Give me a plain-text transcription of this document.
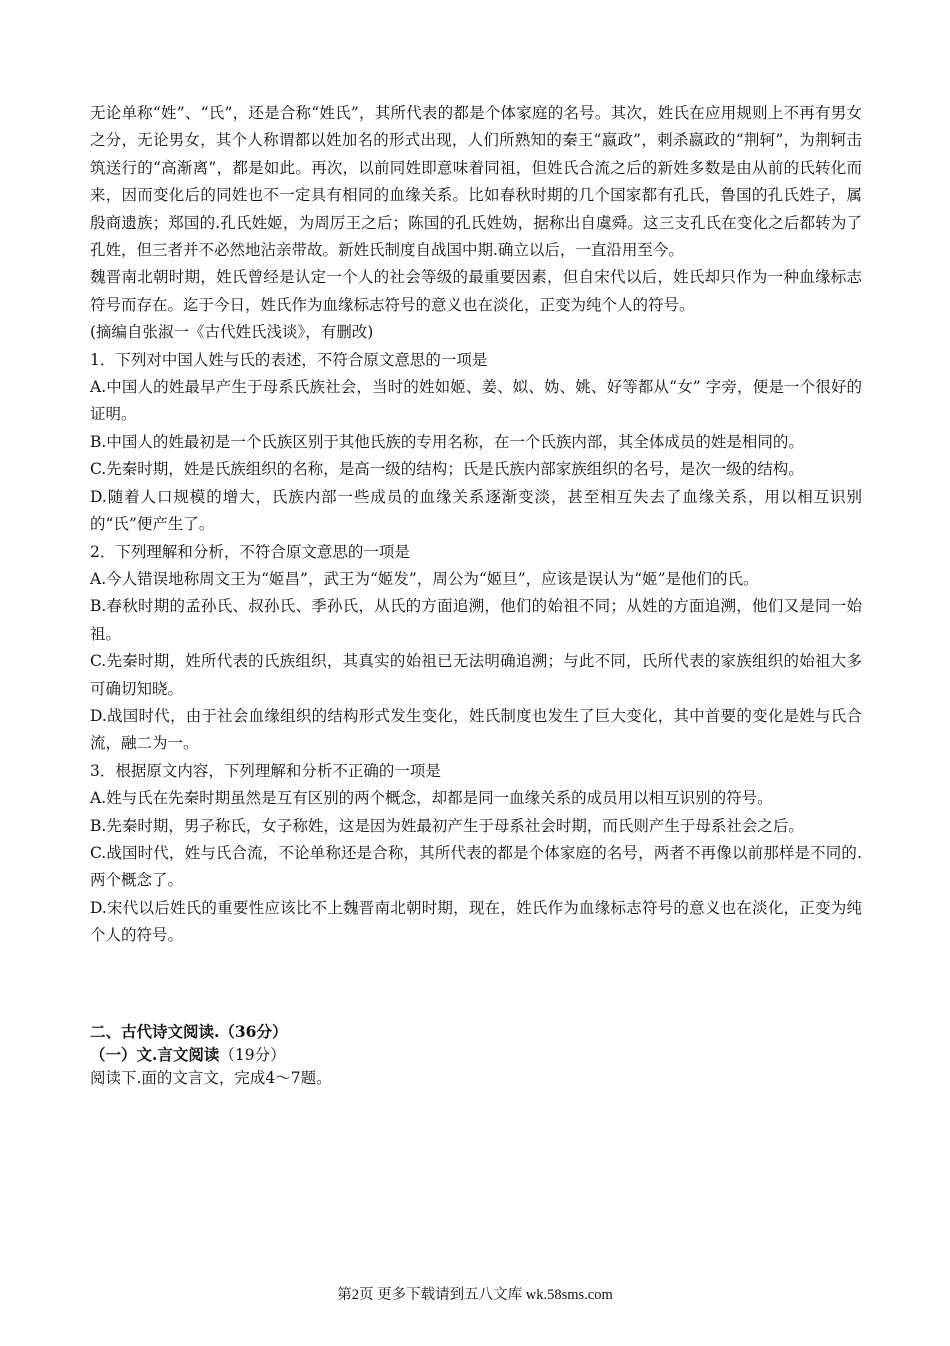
无论单称“姓”、“氏”，还是合称“姓氏”，其所代表的都是个体家庭的名号。其次，姓氏在应用规则上不再有男女之分，无论男女，其个人称谓都以姓加名的形式出现，人们所熟知的秦王“嬴政”，刺杀嬴政的“荆轲”，为荆轲击筑送行的“高渐离”，都是如此。再次，以前同姓即意味着同祖，但姓氏合流之后的新姓多数是由从前的氏转化而来，因而变化后的同姓也不一定具有相同的血缘关系。比如春秋时期的几个国家都有孔氏，鲁国的孔氏姓子，属殷商遗族；郑国的.孔氏姓姬，为周厉王之后；陈国的孔氏姓妫，据称出自虞舜。这三支孔氏在变化之后都转为了孔姓，但三者并不必然地沾亲带故。新姓氏制度自战国中期.确立以后，一直沿用至今。

魏晋南北朝时期，姓氏曾经是认定一个人的社会等级的最重要因素，但自宋代以后，姓氏却只作为一种血缘标志符号而存在。迄于今日，姓氏作为血缘标志符号的意义也在淡化，正变为纯个人的符号。

(摘编自张淑一《古代姓氏浅谈》，有删改)

1．下列对中国人姓与氏的表述，不符合原文意思的一项是

A.中国人的姓最早产生于母系氏族社会，当时的姓如姬、姜、姒、妫、姚、好等都从“女” 字旁，便是一个很好的证明。

B.中国人的姓最初是一个氏族区别于其他氏族的专用名称，在一个氏族内部，其全体成员的姓是相同的。

C.先秦时期，姓是氏族组织的名称，是高一级的结构；氏是氏族内部家族组织的名号，是次一级的结构。

D.随着人口规模的增大，氏族内部一些成员的血缘关系逐渐变淡，甚至相互失去了血缘关系，用以相互识别的“氏”便产生了。

2．下列理解和分析，不符合原文意思的一项是

A.今人错误地称周文王为“姬昌”，武王为“姬发”，周公为“姬旦”，应该是误认为“姬”是他们的氏。

B.春秋时期的孟孙氏、叔孙氏、季孙氏，从氏的方面追溯，他们的始祖不同；从姓的方面追溯，他们又是同一始祖。

C.先秦时期，姓所代表的氏族组织，其真实的始祖已无法明确追溯；与此不同，氏所代表的家族组织的始祖大多可确切知晓。

D.战国时代，由于社会血缘组织的结构形式发生变化，姓氏制度也发生了巨大变化，其中首要的变化是姓与氏合流，融二为一。

3．根据原文内容，下列理解和分析不正确的一项是

A.姓与氏在先秦时期虽然是互有区别的两个概念，却都是同一血缘关系的成员用以相互识别的符号。

B.先秦时期，男子称氏，女子称姓，这是因为姓最初产生于母系社会时期，而氏则产生于母系社会之后。

C.战国时代，姓与氏合流，不论单称还是合称，其所代表的都是个体家庭的名号，两者不再像以前那样是不同的.两个概念了。

D.宋代以后姓氏的重要性应该比不上魏晋南北朝时期，现在，姓氏作为血缘标志符号的意义也在淡化，正变为纯个人的符号。

二、古代诗文阅读.（36分）

（一）文.言文阅读（19分）

阅读下.面的文言文，完成4～7题。

第2页 更多下载请到五八文库 wk.58sms.com
